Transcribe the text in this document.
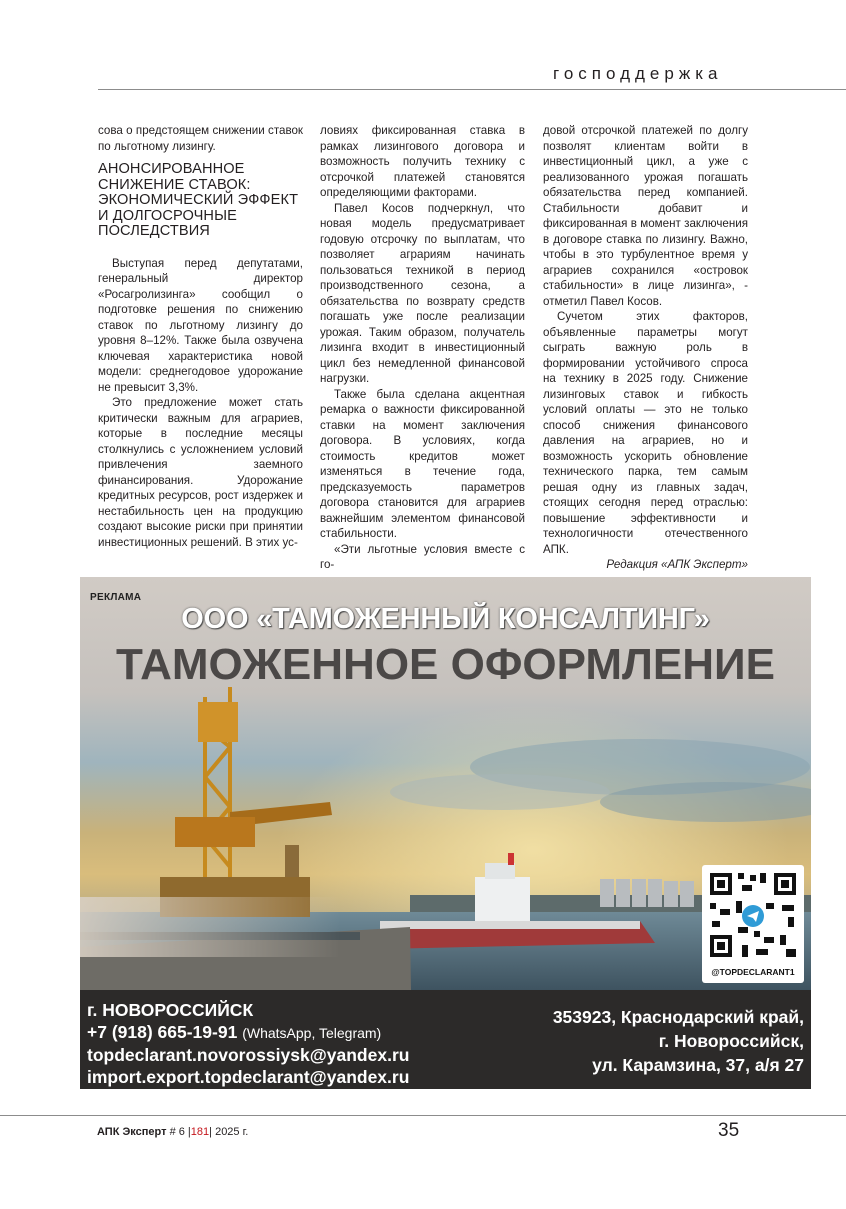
господдержка

сова о предстоящем снижении ставок по льготному лизингу.

АНОНСИРОВАННОЕ СНИЖЕНИЕ СТАВОК: ЭКОНОМИЧЕСКИЙ ЭФФЕКТ И ДОЛГОСРОЧНЫЕ ПОСЛЕДСТВИЯ

Выступая перед депутатами, генеральный директор «Росагролизинга» сообщил о подготовке решения по снижению ставок по льготному лизингу до уровня 8–12%. Также была озвучена ключевая характеристика новой модели: среднегодовое удорожание не превысит 3,3%.

Это предложение может стать критически важным для аграриев, которые в последние месяцы столкнулись с усложнением условий привлечения заемного финансирования. Удорожание кредитных ресурсов, рост издержек и нестабильность цен на продукцию создают высокие риски при принятии инвестиционных решений. В этих ус-

ловиях фиксированная ставка в рамках лизингового договора и возможность получить технику с отсрочкой платежей становятся определяющими факторами.

Павел Косов подчеркнул, что новая модель предусматривает годовую отсрочку по выплатам, что позволяет аграриям начинать пользоваться техникой в период производственного сезона, а обязательства по возврату средств погашать уже после реализации урожая. Таким образом, получатель лизинга входит в инвестиционный цикл без немедленной финансовой нагрузки.

Также была сделана акцентная ремарка о важности фиксированной ставки на момент заключения договора. В условиях, когда стоимость кредитов может изменяться в течение года, предсказуемость параметров договора становится для аграриев важнейшим элементом финансовой стабильности.

«Эти льготные условия вместе с го-

довой отсрочкой платежей по долгу позволят клиентам войти в инвестиционный цикл, а уже с реализованного урожая погашать обязательства перед компанией. Стабильности добавит и фиксированная в момент заключения в договоре ставка по лизингу. Важно, чтобы в это турбулентное время у аграриев сохранился «островок стабильности» в лице лизинга», - отметил Павел Косов.

Сучетом этих факторов, объявленные параметры могут сыграть важную роль в формировании устойчивого спроса на технику в 2025 году. Снижение лизинговых ставок и гибкость условий оплаты — это не только способ снижения финансового давления на аграриев, но и возможность ускорить обновление технического парка, тем самым решая одну из главных задач, стоящих сегодня перед отраслью: повышение эффективности и технологичности отечественного АПК.

Редакция «АПК Эксперт»

РЕКЛАМА
ООО «ТАМОЖЕННЫЙ КОНСАЛТИНГ»
ТАМОЖЕННОЕ ОФОРМЛЕНИЕ
@TOPDECLARANT1
г. НОВОРОССИЙСК
+7 (918) 665-19-91 (WhatsApp, Telegram)
topdeclarant.novorossiysk@yandex.ru
import.export.topdeclarant@yandex.ru
353923, Краснодарский край,
г. Новороссийск,
ул. Карамзина, 37, а/я 27
АПК Эксперт # 6 |181| 2025 г.	35
